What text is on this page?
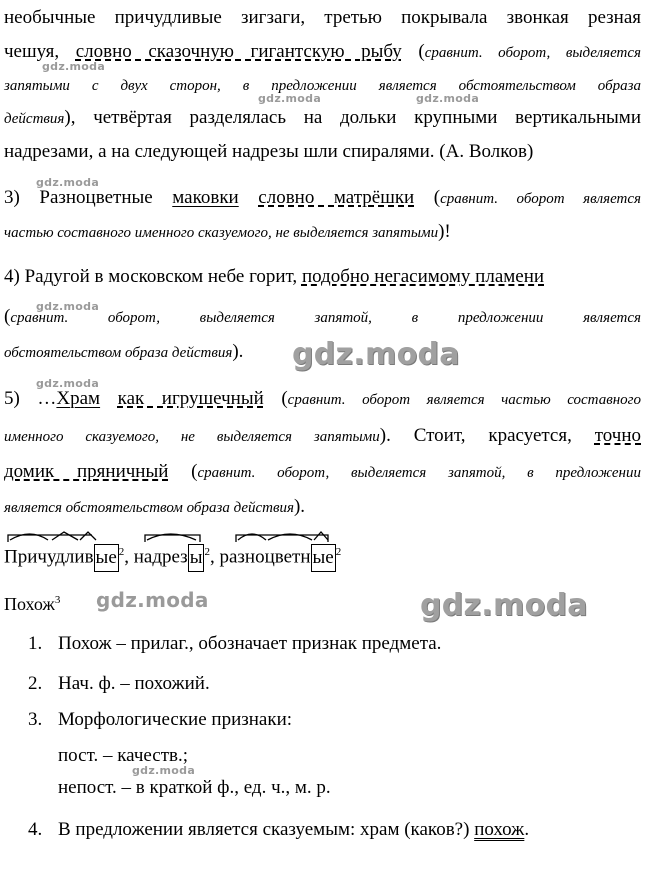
необычные причудливые зигзаги, третью покрывала звонкая резная
чешуя, словно сказочную гигантскую рыбу (сравнит. оборот, выделяется
запятыми с двух сторон, в предложении является обстоятельством образа
действия), четвёртая разделялась на дольки крупными вертикальными
надрезами, а на следующей надрезы шли спиралями. (А. Волков)
3) Разноцветные маковки словно матрёшки (сравнит. оборот является
частью составного именного сказуемого, не выделяется запятыми)!
4) Радугой в московском небе горит, подобно негасимому пламени
(сравнит. оборот, выделяется запятой, в предложении является
обстоятельством образа действия).
5) …Храм как игрушечный (сравнит. оборот является частью составного
именного сказуемого, не выделяется запятыми). Стоит, красуется, точно
домик пряничный (сравнит. оборот, выделяется запятой, в предложении
является обстоятельством образа действия).
Причудлив ые $^2$, надрез ы $^2$, разноцветн ые $^2$
Похож$^3$
1. Похож – прилаг., обозначает признак предмета.
2. Нач. ф. – похожий.
3. Морфологические признаки:
пост. – качеств.;
непост. – в краткой ф., ед. ч., м. р.
4. В предложении является сказуемым: храм (каков?) похож.
gdz.moda
gdz.moda	gdz.moda
gdz.moda
gdz.moda
gdz.moda
gdz.moda
gdz.moda	gdz.moda
gdz.moda
